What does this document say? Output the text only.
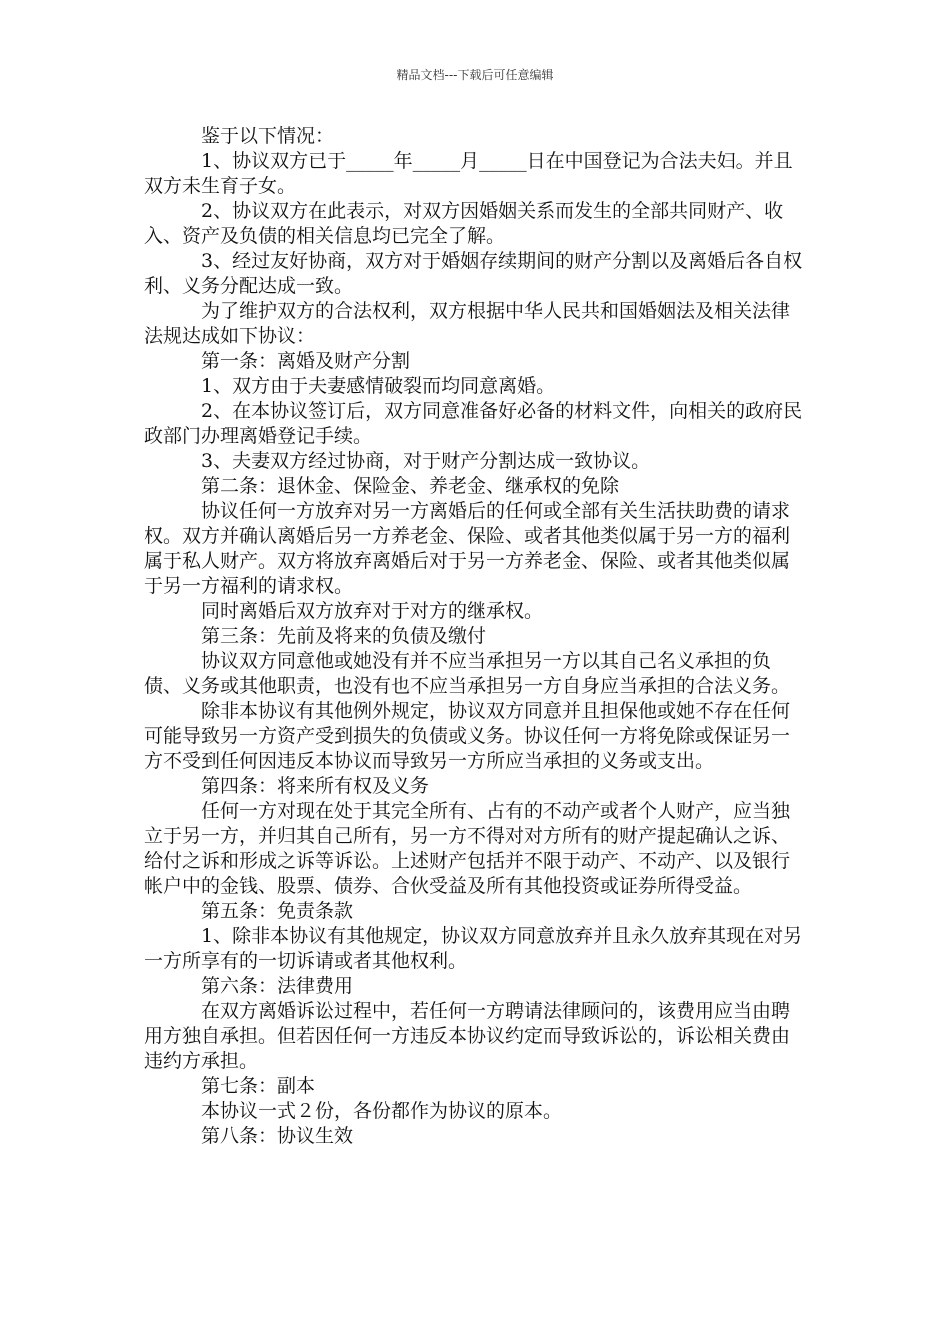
精品文档---下载后可任意编辑

鉴于以下情况：

1、协议双方已于_____年_____月_____日在中国登记为合法夫妇。并且双方未生育子女。

2、协议双方在此表示，对双方因婚姻关系而发生的全部共同财产、收入、资产及负债的相关信息均已完全了解。

3、经过友好协商，双方对于婚姻存续期间的财产分割以及离婚后各自权利、义务分配达成一致。

为了维护双方的合法权利，双方根据中华人民共和国婚姻法及相关法律法规达成如下协议：

第一条：离婚及财产分割

1、双方由于夫妻感情破裂而均同意离婚。

2、在本协议签订后，双方同意准备好必备的材料文件，向相关的政府民政部门办理离婚登记手续。

3、夫妻双方经过协商，对于财产分割达成一致协议。

第二条：退休金、保险金、养老金、继承权的免除

协议任何一方放弃对另一方离婚后的任何或全部有关生活扶助费的请求权。双方并确认离婚后另一方养老金、保险、或者其他类似属于另一方的福利属于私人财产。双方将放弃离婚后对于另一方养老金、保险、或者其他类似属于另一方福利的请求权。

同时离婚后双方放弃对于对方的继承权。

第三条：先前及将来的负债及缴付

协议双方同意他或她没有并不应当承担另一方以其自己名义承担的负债、义务或其他职责，也没有也不应当承担另一方自身应当承担的合法义务。

除非本协议有其他例外规定，协议双方同意并且担保他或她不存在任何可能导致另一方资产受到损失的负债或义务。协议任何一方将免除或保证另一方不受到任何因违反本协议而导致另一方所应当承担的义务或支出。

第四条：将来所有权及义务

任何一方对现在处于其完全所有、占有的不动产或者个人财产，应当独立于另一方，并归其自己所有，另一方不得对对方所有的财产提起确认之诉、给付之诉和形成之诉等诉讼。上述财产包括并不限于动产、不动产、以及银行帐户中的金钱、股票、债券、合伙受益及所有其他投资或证券所得受益。

第五条：免责条款

1、除非本协议有其他规定，协议双方同意放弃并且永久放弃其现在对另一方所享有的一切诉请或者其他权利。

第六条：法律费用

在双方离婚诉讼过程中，若任何一方聘请法律顾问的，该费用应当由聘用方独自承担。但若因任何一方违反本协议约定而导致诉讼的，诉讼相关费由违约方承担。

第七条：副本

本协议一式２份，各份都作为协议的原本。

第八条：协议生效
